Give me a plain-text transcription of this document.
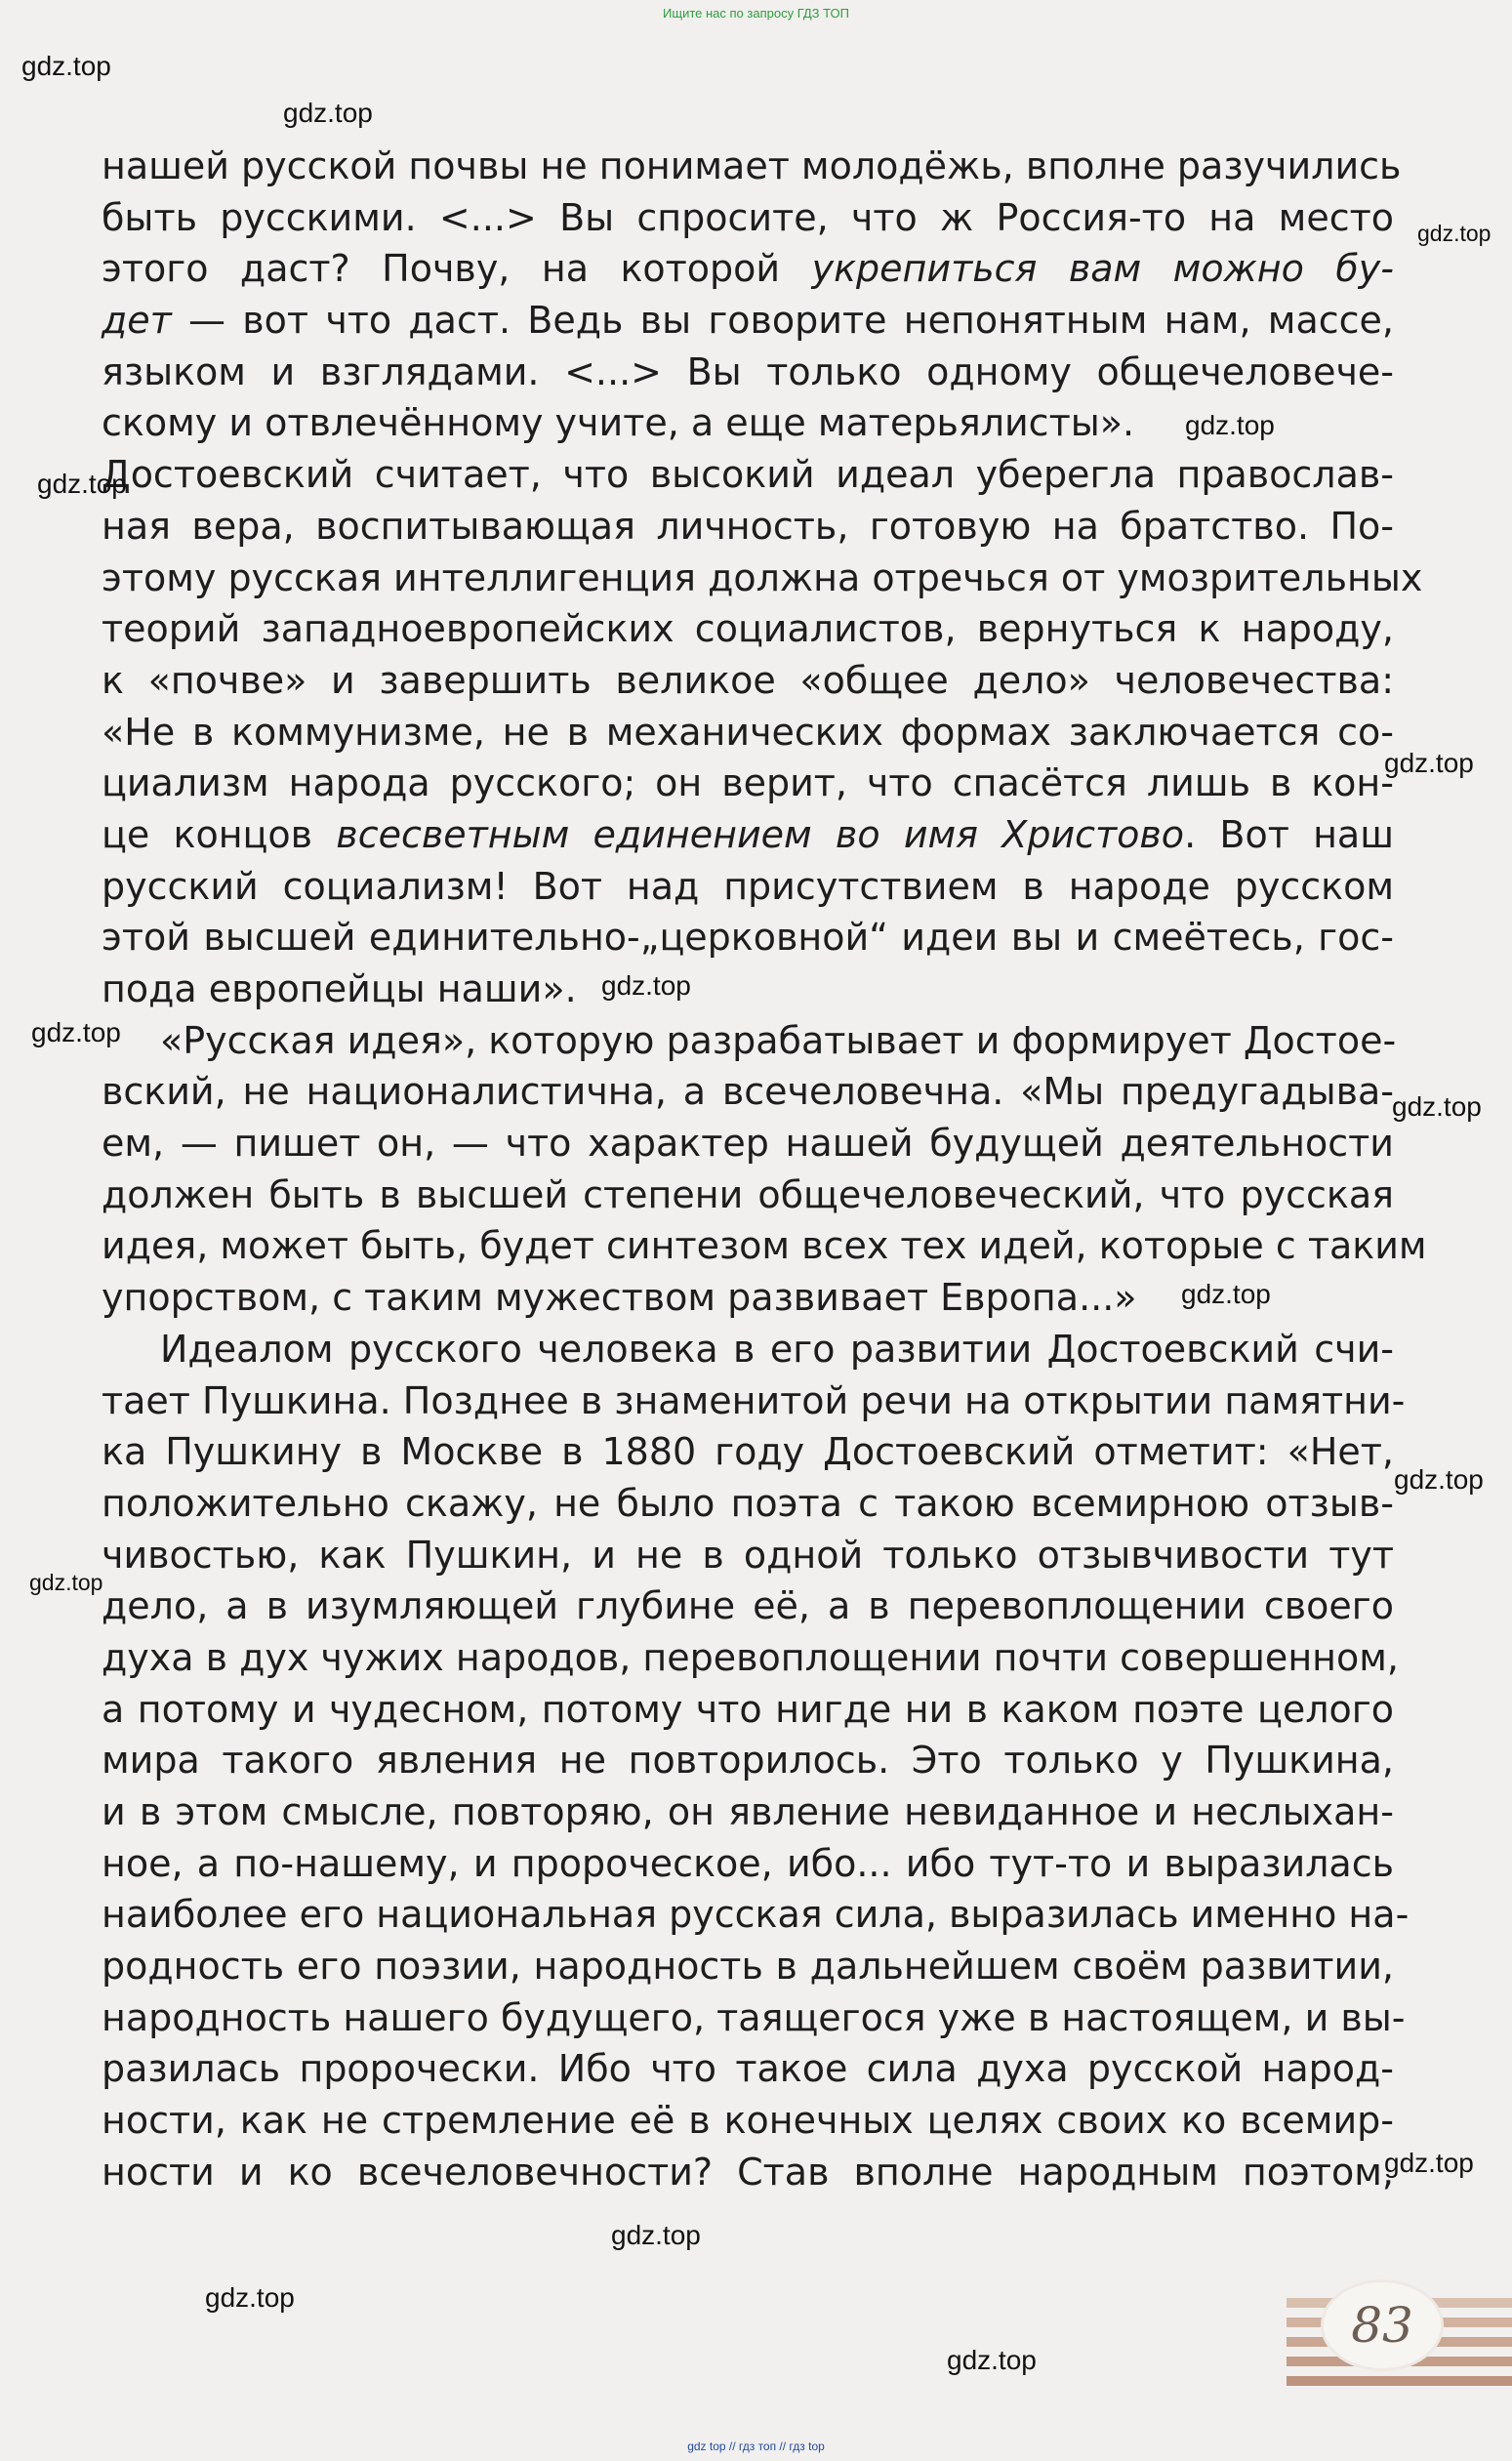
Ищите нас по запросу ГДЗ ТОП
нашей русской почвы не понимает молодёжь, вполне разучились
быть русскими. <...> Вы спросите, что ж Россия-то на место
этого даст? Почву, на которой укрепиться вам можно бу-
дет — вот что даст. Ведь вы говорите непонятным нам, массе,
языком и взглядами. <...> Вы только одному общечеловече-
скому и отвлечённому учите, а еще матерьялисты».
Достоевский считает, что высокий идеал уберегла православ-
ная вера, воспитывающая личность, готовую на братство. По-
этому русская интеллигенция должна отречься от умозрительных
теорий западноевропейских социалистов, вернуться к народу,
к «почве» и завершить великое «общее дело» человечества:
«Не в коммунизме, не в механических формах заключается со-
циализм народа русского; он верит, что спасётся лишь в кон-
це концов всесветным единением во имя Христово. Вот наш
русский социализм! Вот над присутствием в народе русском
этой высшей единительно-„церковной“ идеи вы и смеётесь, гос-
пода европейцы наши».
«Русская идея», которую разрабатывает и формирует Достое-
вский, не националистична, а всечеловечна. «Мы предугадыва-
ем, — пишет он, — что характер нашей будущей деятельности
должен быть в высшей степени общечеловеческий, что русская
идея, может быть, будет синтезом всех тех идей, которые с таким
упорством, с таким мужеством развивает Европа...»
Идеалом русского человека в его развитии Достоевский счи-
тает Пушкина. Позднее в знаменитой речи на открытии памятни-
ка Пушкину в Москве в 1880 году Достоевский отметит: «Нет,
положительно скажу, не было поэта с такою всемирною отзыв-
чивостью, как Пушкин, и не в одной только отзывчивости тут
дело, а в изумляющей глубине её, а в перевоплощении своего
духа в дух чужих народов, перевоплощении почти совершенном,
а потому и чудесном, потому что нигде ни в каком поэте целого
мира такого явления не повторилось. Это только у Пушкина,
и в этом смысле, повторяю, он явление невиданное и неслыхан-
ное, а по-нашему, и пророческое, ибо... ибо тут-то и выразилась
наиболее его национальная русская сила, выразилась именно на-
родность его поэзии, народность в дальнейшем своём развитии,
народность нашего будущего, таящегося уже в настоящем, и вы-
разилась пророчески. Ибо что такое сила духа русской народ-
ности, как не стремление её в конечных целях своих ко всемир-
ности и ко всечеловечности? Став вполне народным поэтом,
gdz.top
gdz.top
gdz.top
gdz.top
gdz.top
gdz.top
gdz.top
gdz.top
gdz.top
gdz.top
gdz.top
gdz.top
gdz.top
gdz.top
gdz.top
gdz.top
83
gdz top // гдз топ // гдз top
